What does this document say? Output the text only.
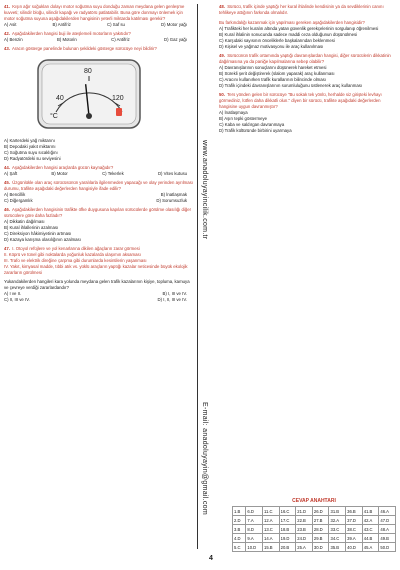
41. Kışın ağır soğukları dolayı motor soğutma suyu donduğu zaman meydana gelen genleşme kuvveti; silindir bloğu, silindir kapağı ve radyatörü patlatabilir. Buna göre donmayı önlemek için motor soğutma suyuna aşağıdakilerden hangisinin yeterli miktarda katılması gerekir?
A) Asit	B) Antifriz	C) Saf su	D) Motor yağı
42. Aşağıdakilerden hangisi buji ile ateşlemeli motorların yakıtıdır?
A) Benzin	B) Motorin	C) Antifriz	D) Gaz yağı
43. Aracın gösterge panelinde bulunan şekildeki gösterge sürücüye neyi bildirir?
40
80
120
°C
A) Karterdeki yağ miktarını
B) Depodaki yakıt miktarını
C) Soğutma suyu sıcaklığını
D) Radyatördeki su seviyesini
44. Aşağıdakilerden hangisi araçlarda gücün kaynağıdır?
A) Şaft	B) Motor	C) Tekerlek	D) Vites kutusu
45. Üzgünlükle olan araç sürücüsünün yaralılarla ilgilenmeden yapacağı ve olay yerinden ayrılması durumu, trafikte aşağıdaki değerlerden hangisiyle ifade edilir?
A) Bencillik	B) İnatlaşmak
C) Diğergamlık	D) Sorumsuzluk
46. Aşağıdakilerden hangisinin trafikte öfke duygusuna kapılan sürücülerde görülme olasılığı diğer sürücülere göre daha fazladır?
A) Dikkatin dağılması
B) Kural ihlallerinin azalması
C) Direksiyon hâkimiyetinin artması
D) Kazaya karışma olasılığının azalması
47. I. Otoyol refüjlere ve yol kenarlarına dikilen ağaçların zarar görmesi
II. Köprü ve tünel gibi noktalarda yoğunluk kazalarda ulaşımın aksaması
III. Trafo ve elektrik direğine çarpma gibi durumlarda kesintilerin yaşanması
IV. Yakıt, kimyasal madde, tıbbi atık vs. yüklü araçların yaptığı kazalar neticesinde büyük ekolojik zararların görülmesi
Yukarıdakilerden hangileri kara yolunda meydana gelen trafik kazalarının kişiye, topluma, kamuya ve çevreye verdiği zararlardandır?
A) I ve II.	B) I, III ve IV.
C) II, III ve IV.	D) I, II, III ve IV.
www.anadoluyayincilik.com.tr
E-mail: anadoluyayin@gmail.com
4
48. Sürücü, trafik içinde yaptığı her kural ihlalinde kendisinin ya da sevdiklerinin canını tehlikeye attığının farkında olmalıdır.
Bu farkındalığı kazanmak için yapılması gereken aşağıdakilerden hangisidir?
A) Trafikteki her kuralın altında yatan güvenlik gerekçelerinin sorgulanıp öğrenilmesi
B) Kural ihlalinin sonucunda sadece maddi ceza olduğunun düşünülmesi
C) Karşıdaki sayısının önceliklerle başkalarından beklenmesi
D) Kişisel ve yağmaz motivasyonu ile araç kullanılması
49. Sürücünün trafik ortamında yaptığı davranışlardan hangisi, diğer sürücülerin dikkatinin dağılmasına ya da paniğe kapılmalarına sebep olabilir?
A) Davranışlarının sonuçlarını düşünerek hareket etmesi
B) Sürekli şerit değiştirerek (slalom yaparak) araç kullanması
C) Aracını kullanırken trafik kurallarının bilincinde olması
D) Trafik içindeki davranışlarının sorumluluğunu üstlenerek araç kullanması
50. Ters yönden gelen bir sürücüye "Bu sokak tek yönlü, herhalde siz girişteki levhayı görmediniz, lütfen daha dikkatli olun." diyen bir sürücü, trafikte aşağıdaki değerlerden hangisine uygun davranmıştır?
A) İnatlaşmaya
B) Aşırı tepki göstermeye
C) Kaba ve saldırgan davranmaya
D) Trafik kültüründe birbirini uyarmaya
CEVAP ANAHTARI
1.B	6.D	11.C	16.C	21.D	26.D	31.B	36.B	41.B	46.A
2.D	7.A	12.A	17.C	22.B	27.B	32.A	37.D	42.A	47.D
3.B	8.D	13.C	18.B	23.B	28.D	33.C	38.C	43.C	48.A
4.D	9.A	14.A	19.D	24.D	29.B	34.C	39.A	44.B	49.B
5.C	10.D	15.B	20.B	25.A	30.D	35.B	40.D	45.A	50.D
